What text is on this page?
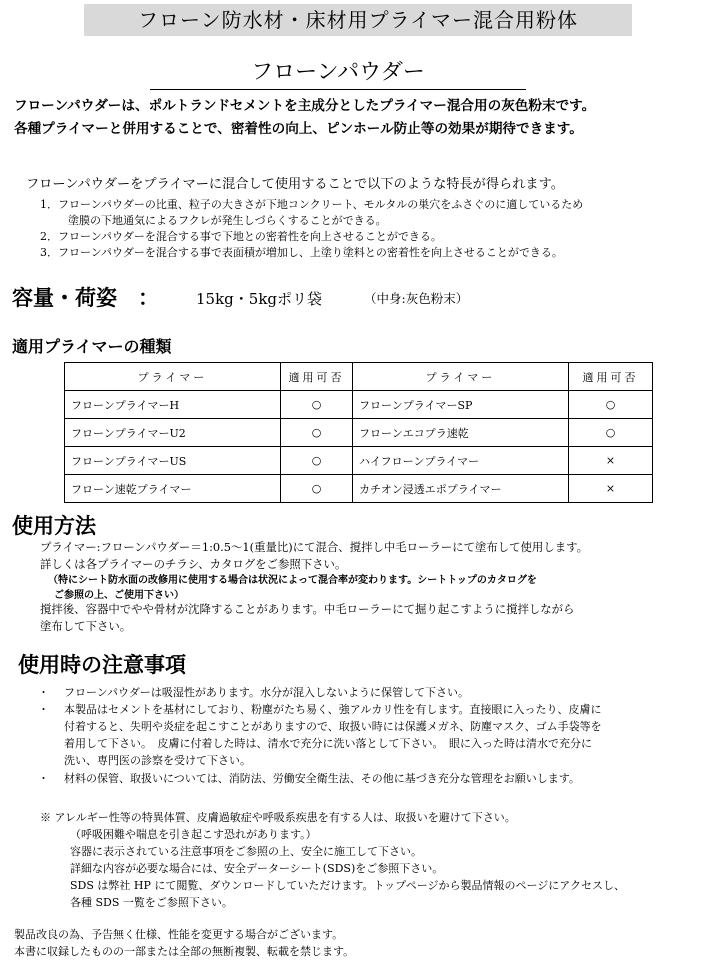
フローン防水材・床材用プライマー混合用粉体
フローンパウダー
フローンパウダーは、ポルトランドセメントを主成分としたプライマー混合用の灰色粉末です。
各種プライマーと併用することで、密着性の向上、ピンホール防止等の効果が期待できます。
フローンパウダーをプライマーに混合して使用することで以下のような特長が得られます。
1．フローンパウダーの比重、粒子の大きさが下地コンクリート、モルタルの巣穴をふさぐのに適しているため
塗膜の下地通気によるフクレが発生しづらくすることができる。
2．フローンパウダーを混合する事で下地との密着性を向上させることができる。
3．フローンパウダーを混合する事で表面積が増加し、上塗り塗料との密着性を向上させることができる。
容量・荷姿　： 15kg・5kgポリ袋	（中身:灰色粉末）
適用プライマーの種類
プライマー	適用可否	プライマー	適用可否
フローンプライマーH	○	フローンプライマーSP	○
フローンプライマーU2	○	フローンエコプラ速乾	○
フローンプライマーUS	○	ハイフローンプライマー	×
フローン速乾プライマー	○	カチオン浸透エポプライマー	×
使用方法
プライマー:フローンパウダー＝1:0.5～1(重量比)にて混合、撹拌し中毛ローラーにて塗布して使用します。
詳しくは各プライマーのチラシ、カタログをご参照下さい。
（特にシート防水面の改修用に使用する場合は状況によって混合率が変わります。シートトップのカタログを
ご参照の上、ご使用下さい）
撹拌後、容器中でやや骨材が沈降することがあります。中毛ローラーにて掘り起こすように撹拌しながら
塗布して下さい。
使用時の注意事項
・ フローンパウダーは吸湿性があります。水分が混入しないように保管して下さい。
・ 本製品はセメントを基材にしており、粉塵がたち易く、強アルカリ性を有します。直接眼に入ったり、皮膚に
付着すると、失明や炎症を起こすことがありますので、取扱い時には保護メガネ、防塵マスク、ゴム手袋等を
着用して下さい。　皮膚に付着した時は、清水で充分に洗い落として下さい。　眼に入った時は清水で充分に
洗い、専門医の診察を受けて下さい。
・ 材料の保管、取扱いについては、消防法、労働安全衛生法、その他に基づき充分な管理をお願いします。
※ アレルギー性等の特異体質、皮膚過敏症や呼吸系疾患を有する人は、取扱いを避けて下さい。
（呼吸困難や喘息を引き起こす恐れがあります。）
容器に表示されている注意事項をご参照の上、安全に施工して下さい。
詳細な内容が必要な場合には、安全データーシート(SDS)をご参照下さい。
SDS は弊社 HP にて閲覧、ダウンロードしていただけます。トップページから製品情報のページにアクセスし、
各種 SDS 一覧をご参照下さい。
製品改良の為、予告無く仕様、性能を変更する場合がございます。
本書に収録したものの一部または全部の無断複製、転載を禁じます。
